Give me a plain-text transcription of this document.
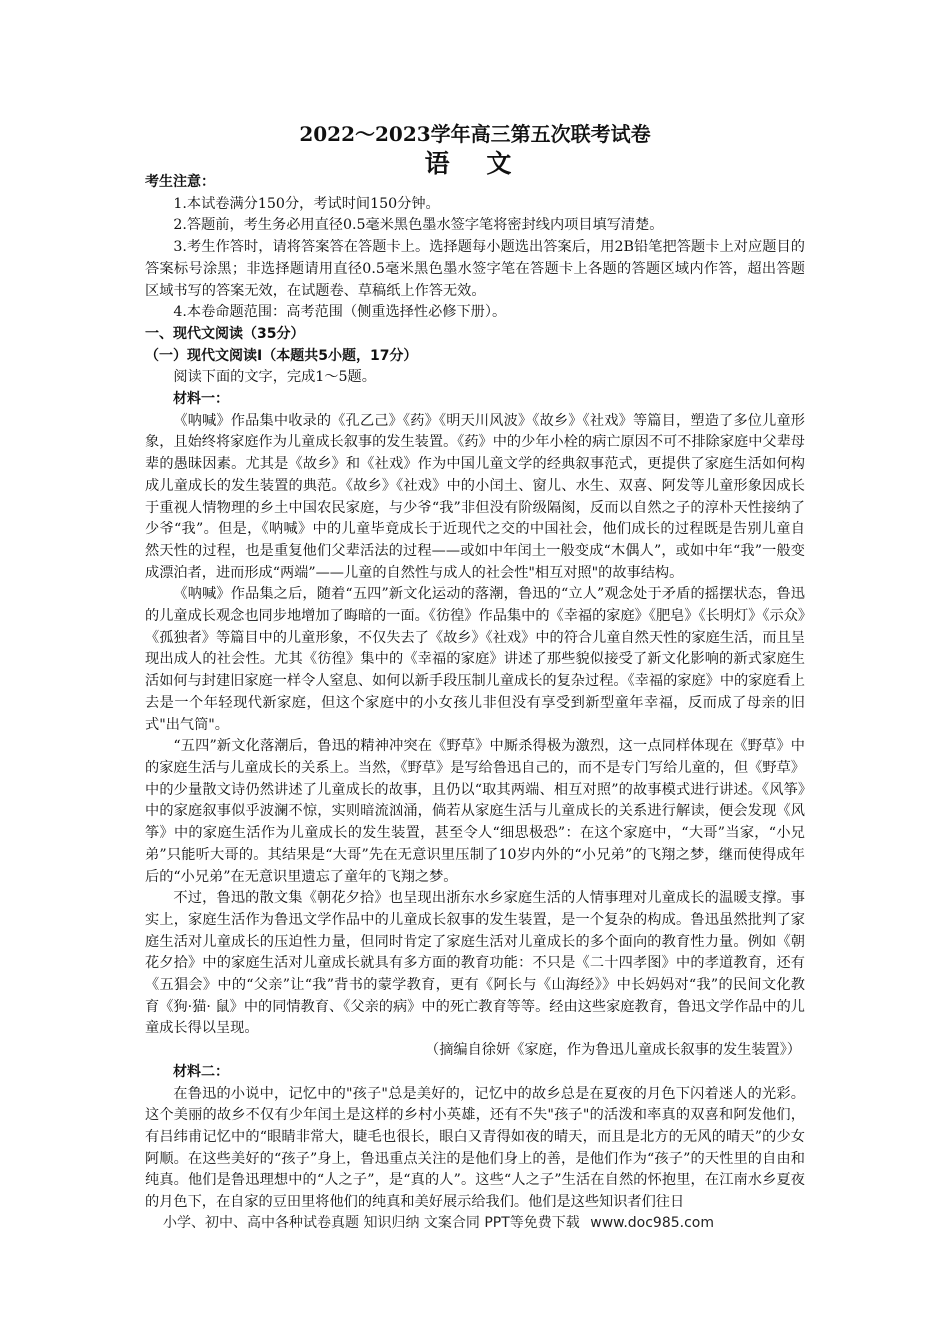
2022～2023学年高三第五次联考试卷
语 文

考生注意：

1.本试卷满分150分，考试时间150分钟。

2.答题前，考生务必用直径0.5毫米黑色墨水签字笔将密封线内项目填写清楚。

3.考生作答时，请将答案答在答题卡上。选择题每小题选出答案后，用2B铅笔把答题卡上对应题目的答案标号涂黑；非选择题请用直径0.5毫米黑色墨水签字笔在答题卡上各题的答题区域内作答，超出答题区域书写的答案无效，在试题卷、草稿纸上作答无效。

4.本卷命题范围：高考范围（侧重选择性必修下册）。

一、现代文阅读（35分）

（一）现代文阅读Ⅰ（本题共5小题，17分）

阅读下面的文字，完成1～5题。

材料一：

《呐喊》作品集中收录的《孔乙己》《药》《明天川风波》《故乡》《社戏》等篇目，塑造了多位儿童形象，且始终将家庭作为儿童成长叙事的发生装置。《药》中的少年小栓的病亡原因不可不排除家庭中父辈母辈的愚昧因素。尤其是《故乡》和《社戏》作为中国儿童文学的经典叙事范式，更提供了家庭生活如何构成儿童成长的发生装置的典范。《故乡》《社戏》中的小闰土、窗儿、水生、双喜、阿发等儿童形象因成长于重视人情物理的乡土中国农民家庭，与少爷“我”非但没有阶级隔阂，反而以自然之子的淳朴天性接纳了少爷“我”。但是，《呐喊》中的儿童毕竟成长于近现代之交的中国社会，他们成长的过程既是告别儿童自然天性的过程，也是重复他们父辈活法的过程——或如中年闰土一般变成“木偶人”，或如中年“我”一般变成漂泊者，进而形成“两端”——儿童的自然性与成人的社会性"相互对照"的故事结构。

《呐喊》作品集之后，随着“五四”新文化运动的落潮，鲁迅的“立人”观念处于矛盾的摇摆状态，鲁迅的儿童成长观念也同步地增加了晦暗的一面。《彷徨》作品集中的《幸福的家庭》《肥皂》《长明灯》《示众》《孤独者》等篇目中的儿童形象，不仅失去了《故乡》《社戏》中的符合儿童自然天性的家庭生活，而且呈现出成人的社会性。尤其《彷徨》集中的《幸福的家庭》讲述了那些貌似接受了新文化影响的新式家庭生活如何与封建旧家庭一样令人窒息、如何以新手段压制儿童成长的复杂过程。《幸福的家庭》中的家庭看上去是一个年轻现代新家庭，但这个家庭中的小女孩儿非但没有享受到新型童年幸福，反而成了母亲的旧式"出气筒"。

“五四”新文化落潮后，鲁迅的精神冲突在《野草》中厮杀得极为激烈，这一点同样体现在《野草》中的家庭生活与儿童成长的关系上。当然，《野草》是写给鲁迅自己的，而不是专门写给儿童的，但《野草》中的少量散文诗仍然讲述了儿童成长的故事，且仍以“取其两端、相互对照”的故事模式进行讲述。《风筝》中的家庭叙事似乎波澜不惊，实则暗流汹涌，倘若从家庭生活与儿童成长的关系进行解读，便会发现《风筝》中的家庭生活作为儿童成长的发生装置，甚至令人“细思极恐”：在这个家庭中，“大哥”当家，“小兄弟”只能听大哥的。其结果是“大哥”先在无意识里压制了10岁内外的“小兄弟”的飞翔之梦，继而使得成年后的“小兄弟”在无意识里遗忘了童年的飞翔之梦。

不过，鲁迅的散文集《朝花夕拾》也呈现出浙东水乡家庭生活的人情事理对儿童成长的温暖支撑。事实上，家庭生活作为鲁迅文学作品中的儿童成长叙事的发生装置，是一个复杂的构成。鲁迅虽然批判了家庭生活对儿童成长的压迫性力量，但同时肯定了家庭生活对儿童成长的多个面向的教育性力量。例如《朝花夕拾》中的家庭生活对儿童成长就具有多方面的教育功能：不只是《二十四孝图》中的孝道教育，还有《五猖会》中的“父亲”让“我”背书的蒙学教育，更有《阿长与《山海经》》中长妈妈对“我”的民间文化教育《狗·猫· 鼠》中的同情教育、《父亲的病》中的死亡教育等等。经由这些家庭教育，鲁迅文学作品中的儿童成长得以呈现。

（摘编自徐妍《家庭，作为鲁迅儿童成长叙事的发生装置》）

材料二：

在鲁迅的小说中，记忆中的"孩子"总是美好的，记忆中的故乡总是在夏夜的月色下闪着迷人的光彩。这个美丽的故乡不仅有少年闰土是这样的乡村小英雄，还有不失"孩子"的活泼和率真的双喜和阿发他们，有吕纬甫记忆中的“眼睛非常大，睫毛也很长，眼白又青得如夜的晴天，而且是北方的无风的晴天”的少女阿顺。在这些美好的“孩子”身上，鲁迅重点关注的是他们身上的善，是他们作为“孩子”的天性里的自由和纯真。他们是鲁迅理想中的“人之子”，是“真的人”。这些“人之子”生活在自然的怀抱里，在江南水乡夏夜的月色下，在自家的豆田里将他们的纯真和美好展示给我们。他们是这些知识者们往日

小学、初中、高中各种试卷真题 知识归纳 文案合同 PPT等免费下载 www.doc985.com
